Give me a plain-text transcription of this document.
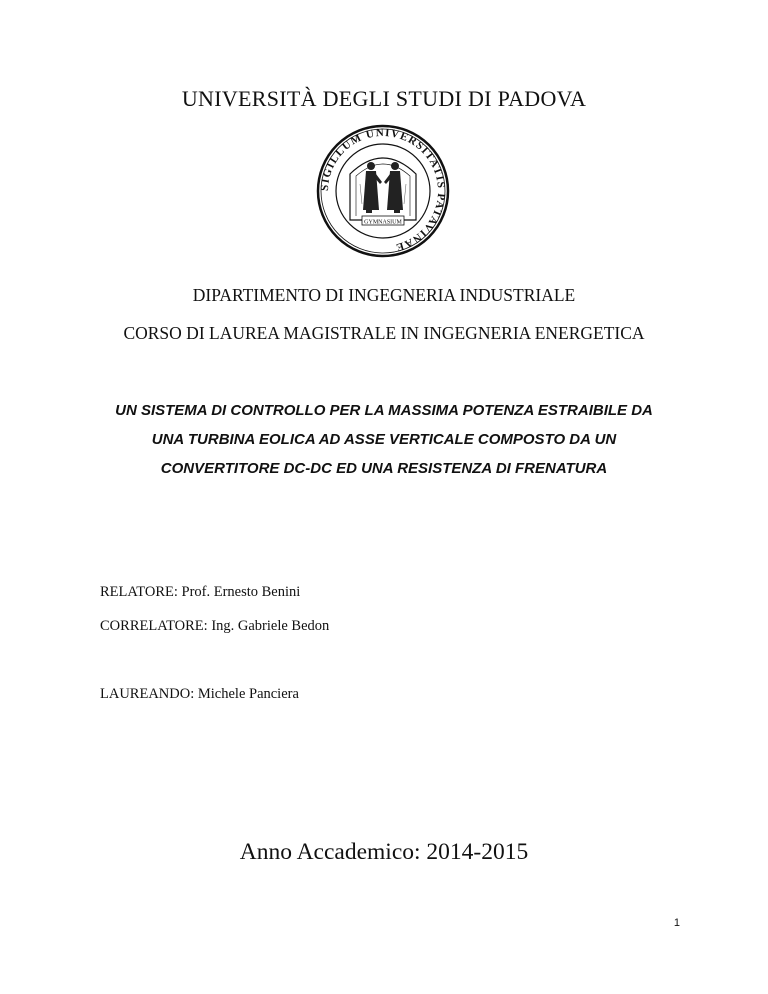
UNIVERSITÀ DEGLI STUDI DI PADOVA
SIGILLUM UNIVERSITATIS PATAVINAE
GYMNASIUM
DIPARTIMENTO DI INGEGNERIA INDUSTRIALE
CORSO DI LAUREA MAGISTRALE IN INGEGNERIA ENERGETICA
UN SISTEMA DI CONTROLLO PER LA MASSIMA POTENZA ESTRAIBILE DA
UNA TURBINA EOLICA AD ASSE VERTICALE COMPOSTO DA UN
CONVERTITORE DC-DC ED UNA RESISTENZA DI FRENATURA
RELATORE: Prof. Ernesto Benini
CORRELATORE: Ing. Gabriele Bedon
LAUREANDO: Michele Panciera
Anno Accademico: 2014-2015
1
